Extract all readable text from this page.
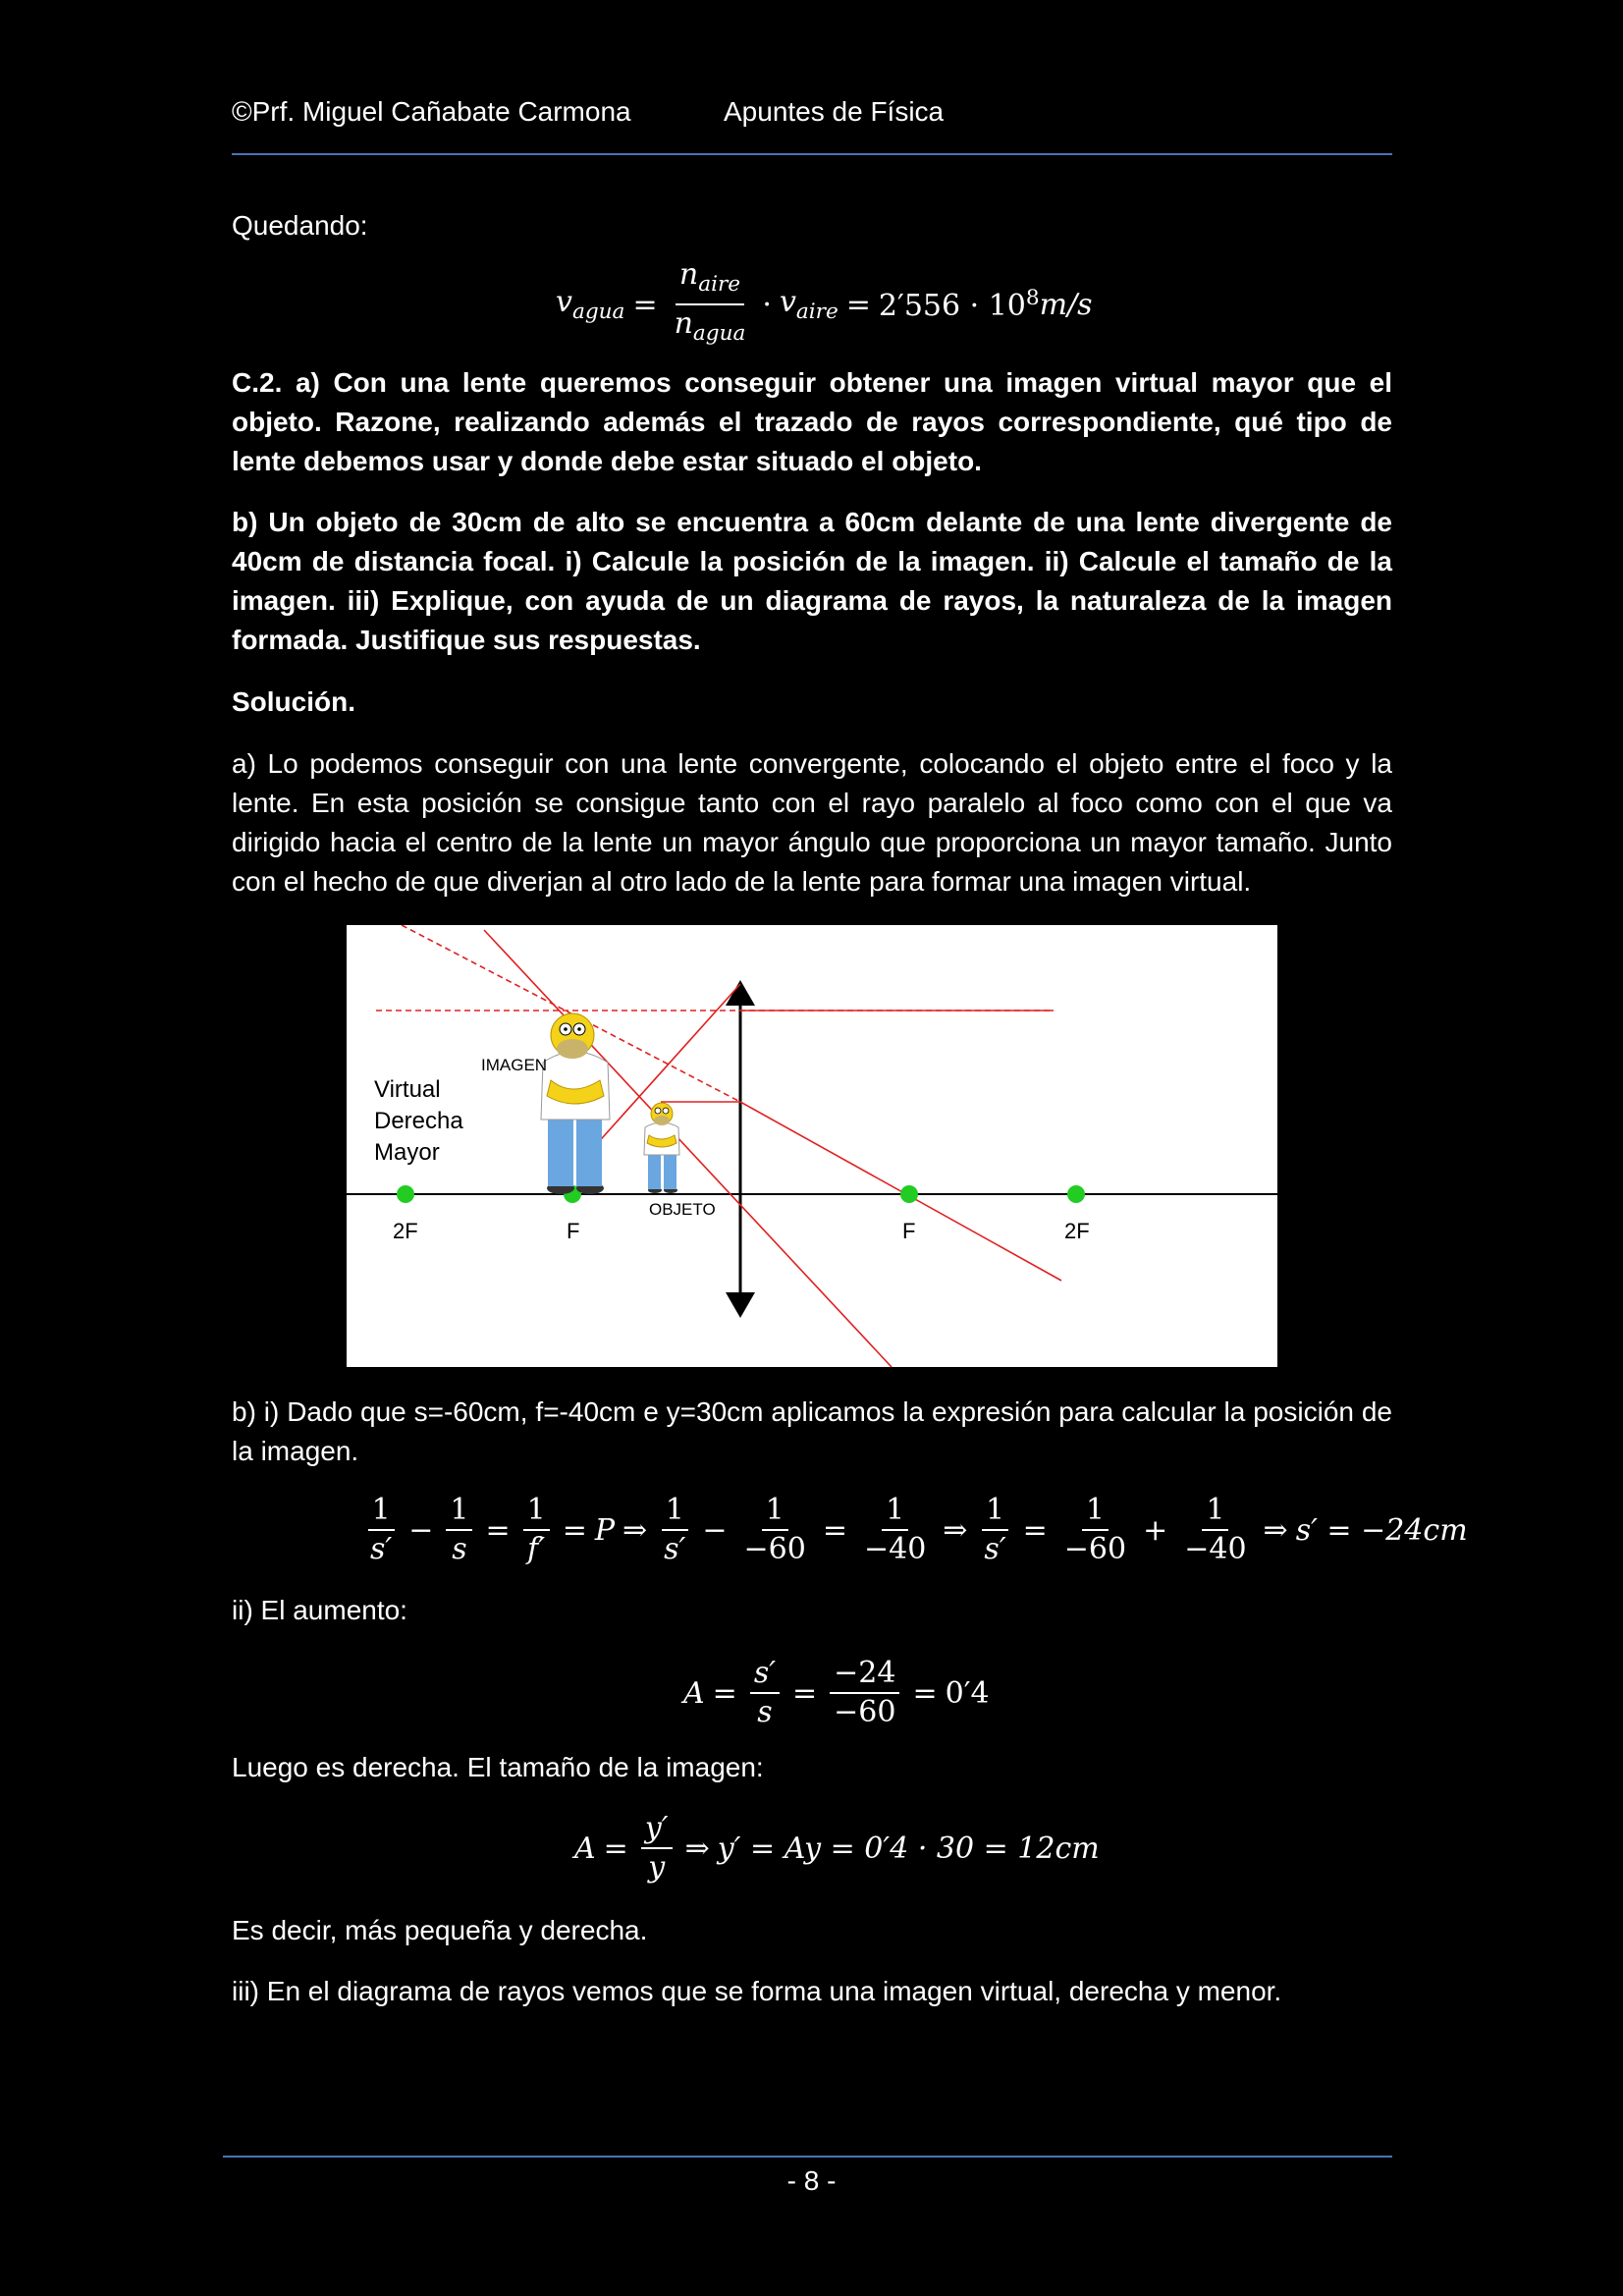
©Prf. Miguel Cañabate Carmona	Apuntes de Física
Quedando:
$v_{agua} = \frac{n_{aire}}{n_{agua}} \cdot v_{aire} = 2'556 \cdot 10^8$ m/s
C.2. a) Con una lente queremos conseguir obtener una imagen virtual mayor que el objeto. Razone, realizando además el trazado de rayos correspondiente, qué tipo de lente debemos usar y donde debe estar situado el objeto.
b) Un objeto de 30cm de alto se encuentra a 60cm delante de una lente divergente de 40cm de distancia focal. i) Calcule la posición de la imagen. ii) Calcule el tamaño de la imagen. iii) Explique, con ayuda de un diagrama de rayos, la naturaleza de la imagen formada. Justifique sus respuestas.
Solución.
a) Lo podemos conseguir con una lente convergente, colocando el objeto entre el foco y la lente. En esta posición se consigue tanto con el rayo paralelo al foco como con el que va dirigido hacia el centro de la lente un mayor ángulo que proporciona un mayor tamaño. Junto con el hecho de que diverjan al otro lado de la lente para formar una imagen virtual.
IMAGEN
OBJETO
Virtual
Derecha
Mayor
2F	F	F	2F
b) i) Dado que s=-60cm, f=-40cm e y=30cm aplicamos la expresión para calcular la posición de la imagen.
$\frac{1}{s'} - \frac{1}{s} = \frac{1}{f'} = P$ ⇒ $\frac{1}{s'} - \frac{1}{-60} = \frac{1}{-40}$ ⇒ $\frac{1}{s'} = \frac{1}{-60} + \frac{1}{-40}$ ⇒ s′ = −24cm
ii) El aumento:
$A = \frac{s'}{s} = \frac{-24}{-60} = 0'4$
Luego es derecha. El tamaño de la imagen:
$A = \frac{y'}{y}$ ⇒ y′ = Ay = 0′4 · 30 = 12cm
Es decir, más pequeña y derecha.
iii) En el diagrama de rayos vemos que se forma una imagen virtual, derecha y menor.
- 8 -
